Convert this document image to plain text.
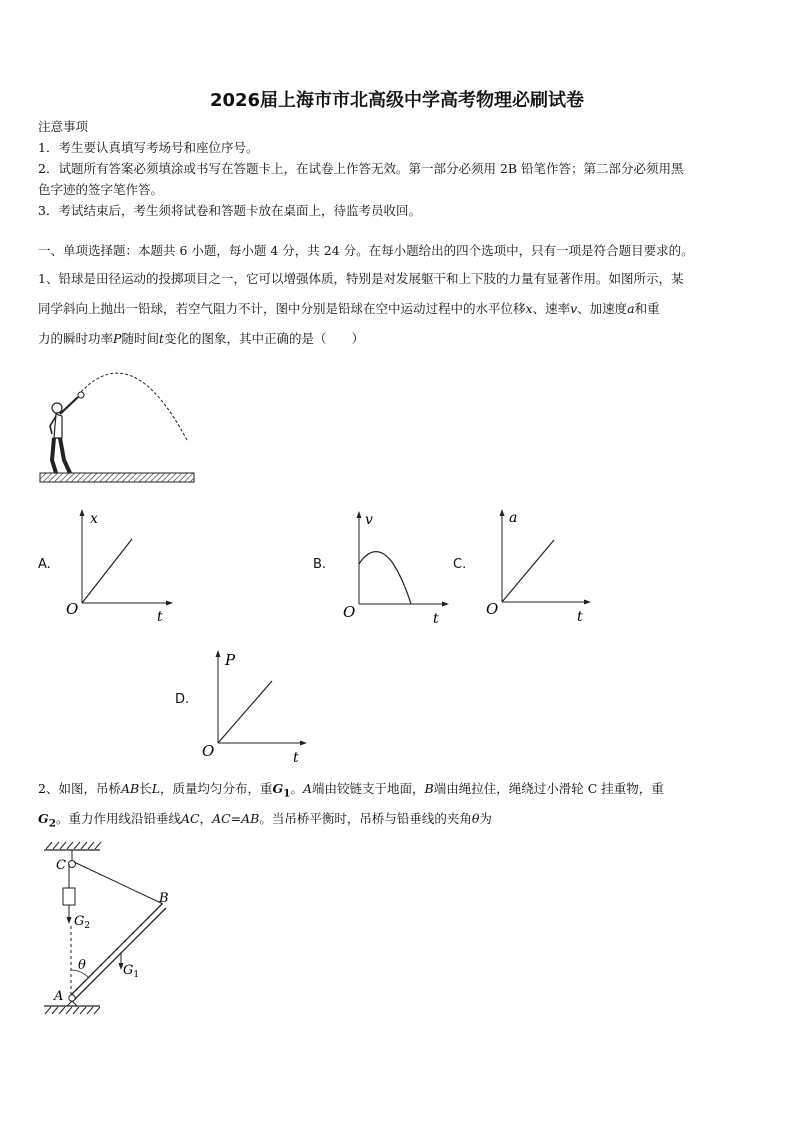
2026届上海市市北高级中学高考物理必刷试卷
注意事项
1．考生要认真填写考场号和座位序号。
2．试题所有答案必须填涂或书写在答题卡上，在试卷上作答无效。第一部分必须用 2B 铅笔作答；第二部分必须用黑
色字迹的签字笔作答。
3．考试结束后，考生须将试卷和答题卡放在桌面上，待监考员收回。
一、单项选择题：本题共 6 小题，每小题 4 分，共 24 分。在每小题给出的四个选项中，只有一项是符合题目要求的。
1、铅球是田径运动的投掷项目之一，它可以增强体质，特别是对发展躯干和上下肢的力量有显著作用。如图所示，某
同学斜向上抛出一铅球，若空气阻力不计，图中分别是铅球在空中运动过程中的水平位移x、速率v、加速度a和重
力的瞬时功率P随时间t变化的图象，其中正确的是（　　）
A.
x
t
O
B.
v
t
O
C.
a
t
O
D.
P
t
O
2、如图，吊桥AB长L，质量均匀分布，重$G_1$。A端由铰链支于地面，B端由绳拉住，绳绕过小滑轮 C 挂重物，重
$G_2$。重力作用线沿铅垂线AC，AC=AB。当吊桥平衡时，吊桥与铅垂线的夹角θ为
C
B
A
$G_2$
$G_1$
θ
